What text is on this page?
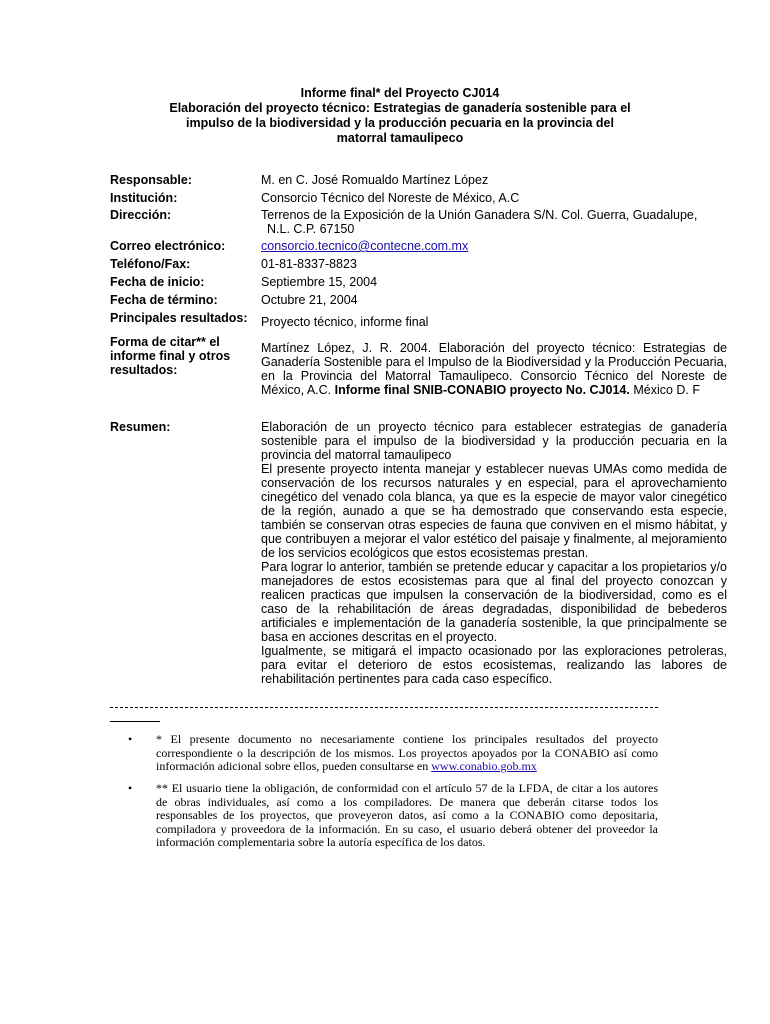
Informe final* del Proyecto CJ014
Elaboración del proyecto técnico: Estrategias de ganadería sostenible para el
impulso de la biodiversidad y la producción pecuaria en la provincia del
matorral tamaulipeco
Responsable:	M. en C. José Romualdo Martínez López
Institución:	Consorcio Técnico del Noreste de México, A.C
Dirección:	Terrenos de la Exposición de la Unión Ganadera S/N. Col. Guerra, Guadalupe,
N.L. C.P. 67150
Correo electrónico:	consorcio.tecnico@contecne.com.mx
Teléfono/Fax:	01-81-8337-8823
Fecha de inicio:	Septiembre 15, 2004
Fecha de término:	Octubre 21, 2004
Principales resultados: Proyecto técnico, informe final
Forma de citar** el
informe final y otros
resultados:
Martínez López, J. R. 2004. Elaboración del proyecto técnico: Estrategias de Ganadería Sostenible para el Impulso de la Biodiversidad y la Producción Pecuaria, en la Provincia del Matorral Tamaulipeco. Consorcio Técnico del Noreste de México, A.C. Informe final SNIB-CONABIO proyecto No. CJ014. México D. F
Resumen:	Elaboración de un proyecto técnico para establecer estrategias de ganadería sostenible para el impulso de la biodiversidad y la producción pecuaria en la provincia del matorral tamaulipeco
El presente proyecto intenta manejar y establecer nuevas UMAs como medida de conservación de los recursos naturales y en especial, para el aprovechamiento cinegético del venado cola blanca, ya que es la especie de mayor valor cinegético de la región, aunado a que se ha demostrado que conservando esta especie, también se conservan otras especies de fauna que conviven en el mismo hábitat, y que contribuyen a mejorar el valor estético del paisaje y finalmente, al mejoramiento de los servicios ecológicos que estos ecosistemas prestan.
Para lograr lo anterior, también se pretende educar y capacitar a los propietarios y/o manejadores de estos ecosistemas para que al final del proyecto conozcan y realicen practicas que impulsen la conservación de la biodiversidad, como es el caso de la rehabilitación de áreas degradadas, disponibilidad de bebederos artificiales e implementación de la ganadería sostenible, la que principalmente se basa en acciones descritas en el proyecto.
Igualmente, se mitigará el impacto ocasionado por las exploraciones petroleras, para evitar el deterioro de estos ecosistemas, realizando las labores de rehabilitación pertinentes para cada caso específico.
• * El presente documento no necesariamente contiene los principales resultados del proyecto correspondiente o la descripción de los mismos. Los proyectos apoyados por la CONABIO así como información adicional sobre ellos, pueden consultarse en www.conabio.gob.mx
• ** El usuario tiene la obligación, de conformidad con el artículo 57 de la LFDA, de citar a los autores de obras individuales, así como a los compiladores. De manera que deberán citarse todos los responsables de los proyectos, que proveyeron datos, así como a la CONABIO como depositaria, compiladora y proveedora de la información. En su caso, el usuario deberá obtener del proveedor la información complementaria sobre la autoría específica de los datos.
